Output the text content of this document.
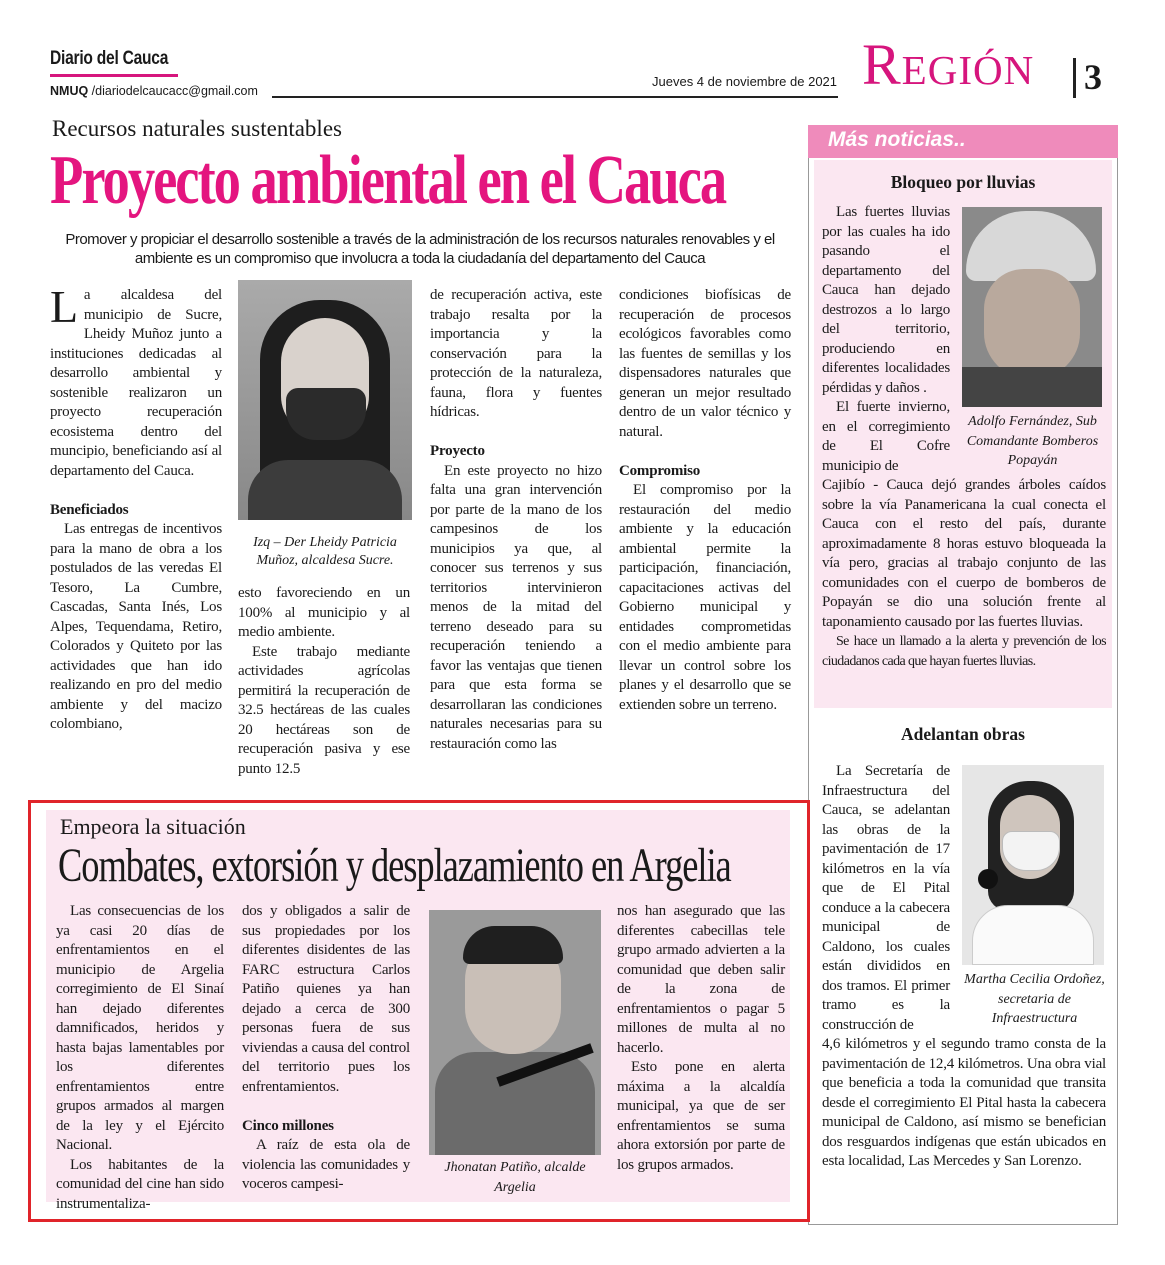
Diario del Cauca
NMUQ /diariodelcaucacc@gmail.com
Jueves 4 de noviembre de 2021 Región 3
Recursos naturales sustentables
Proyecto ambiental en el Cauca
Promover y propiciar el desarrollo sostenible a través de la administración de los recursos naturales renovables y el ambiente es un compromiso que involucra a toda la ciudadanía del departamento del Cauca

La alcaldesa del municipio de Sucre, Lheidy Muñoz junto a instituciones dedicadas al desarrollo ambiental y sostenible realizaron un proyecto recuperación ecosistema dentro del muncipio, beneficiando así al departamento del Cauca.

Beneficiados

Las entregas de incentivos para la mano de obra a los postulados de las veredas El Tesoro, La Cumbre, Cascadas, Santa Inés, Los Alpes, Tequendama, Retiro, Colorados y Quiteto por las actividades que han ido realizando en pro del medio ambiente y del macizo colombiano,

Izq – Der Lheidy Patricia Muñoz, alcaldesa Sucre.

esto favoreciendo en un 100% al municipio y al medio ambiente.

Este trabajo mediante actividades agrícolas permitirá la recuperación de 32.5 hectáreas de las cuales 20 hectáreas son de recuperación pasiva y ese punto 12.5

de recuperación activa, este trabajo resalta por la importancia y la conservación para la protección de la naturaleza, fauna, flora y fuentes hídricas.

Proyecto

En este proyecto no hizo falta una gran intervención por parte de la mano de los campesinos de los municipios ya que, al conocer sus terrenos y sus territorios intervinieron menos de la mitad del terreno deseado para su recuperación teniendo a favor las ventajas que tienen para que esta forma se desarrollaran las condiciones naturales necesarias para su restauración como las

condiciones biofísicas de recuperación de procesos ecológicos favorables como las fuentes de semillas y los dispensadores naturales que generan un mejor resultado dentro de un valor técnico y natural.

Compromiso

El compromiso por la restauración del medio ambiente y la educación ambiental permite la participación, financiación, capacitaciones activas del Gobierno municipal y entidades comprometidas con el medio ambiente para llevar un control sobre los planes y el desarrollo que se extienden sobre un terreno.

Más noticias..
Bloqueo por lluvias
Adolfo Fernández, Sub Comandante Bomberos Popayán

Las fuertes lluvias por las cuales ha ido pasando el departamento del Cauca han dejado destrozos a lo largo del territorio, produciendo en diferentes localidades pérdidas y daños .

El fuerte invierno, en el corregimiento de El Cofre municipio de

Cajibío - Cauca dejó grandes árboles caídos sobre la vía Panamericana la cual conecta el Cauca con el resto del país, durante aproximadamente 8 horas estuvo bloqueada la vía pero, gracias al trabajo conjunto de las comunidades con el cuerpo de bomberos de Popayán se dio una solución frente al taponamiento causado por las fuertes lluvias.

Se hace un llamado a la alerta y prevención de los ciudadanos cada que hayan fuertes lluvias.

Adelantan obras
Martha Cecilia Ordoñez, secretaria de Infraestructura

La Secretaría de Infraestructura del Cauca, se adelantan las obras de la pavimentación de 17 kilómetros en la vía que de El Pital conduce a la cabecera municipal de Caldono, los cuales están divididos en dos tramos. El primer tramo es la construcción de

4,6 kilómetros y el segundo tramo consta de la pavimentación de 12,4 kilómetros. Una obra vial que beneficia a toda la comunidad que transita desde el corregimiento El Pital hasta la cabecera municipal de Caldono, así mismo se benefician dos resguardos indígenas que están ubicados en esta localidad, Las Mercedes y San Lorenzo.

Empeora la situación
Combates, extorsión y desplazamiento en Argelia

Las consecuencias de los ya casi 20 días de enfrentamientos en el municipio de Argelia corregimiento de El Sinaí han dejado diferentes damnificados, heridos y hasta bajas lamentables por los diferentes enfrentamientos entre grupos armados al margen de la ley y el Ejército Nacional.

Los habitantes de la comunidad del cine han sido instrumentaliza-

dos y obligados a salir de sus propiedades por los diferentes disidentes de las FARC estructura Carlos Patiño quienes ya han dejado a cerca de 300 personas fuera de sus viviendas a causa del control del territorio pues los enfrentamientos.

Cinco millones

A raíz de esta ola de violencia las comunidades y voceros campesi-

Jhonatan Patiño, alcalde Argelia

nos han asegurado que las diferentes cabecillas tele grupo armado advierten a la comunidad que deben salir de la zona de enfrentamientos o pagar 5 millones de multa al no hacerlo.

Esto pone en alerta máxima a la alcaldía municipal, ya que de ser enfrentamientos se suma ahora extorsión por parte de los grupos armados.
